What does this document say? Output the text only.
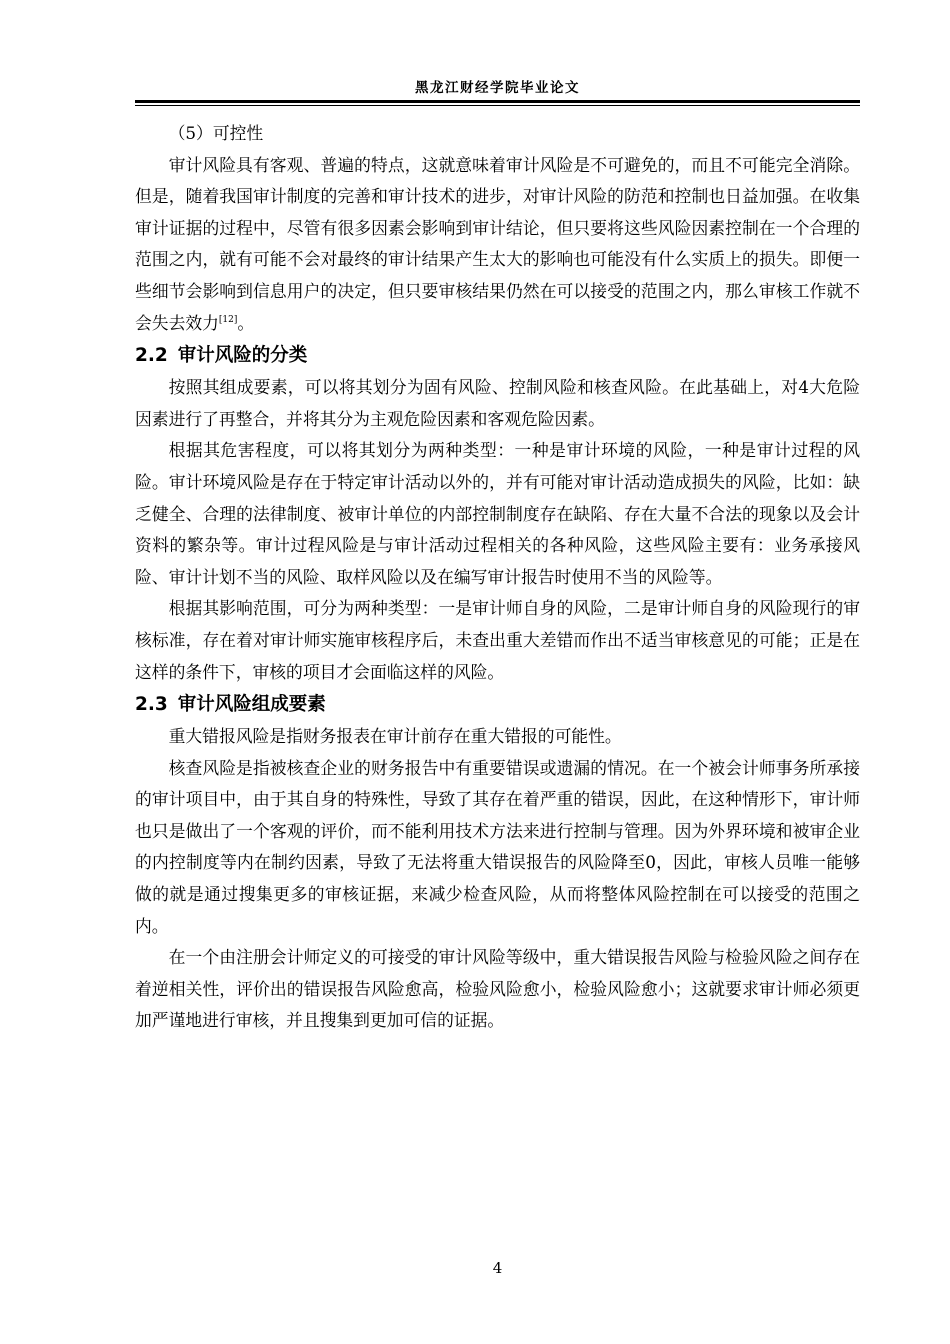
黑龙江财经学院毕业论文

（5）可控性

审计风险具有客观、普遍的特点，这就意味着审计风险是不可避免的，而且不可能完全消除。但是，随着我国审计制度的完善和审计技术的进步，对审计风险的防范和控制也日益加强。在收集审计证据的过程中，尽管有很多因素会影响到审计结论，但只要将这些风险因素控制在一个合理的范围之内，就有可能不会对最终的审计结果产生太大的影响也可能没有什么实质上的损失。即便一些细节会影响到信息用户的决定，但只要审核结果仍然在可以接受的范围之内，那么审核工作就不会失去效力[12]。

2.2 审计风险的分类

按照其组成要素，可以将其划分为固有风险、控制风险和核查风险。在此基础上，对4大危险因素进行了再整合，并将其分为主观危险因素和客观危险因素。

根据其危害程度，可以将其划分为两种类型：一种是审计环境的风险，一种是审计过程的风险。审计环境风险是存在于特定审计活动以外的，并有可能对审计活动造成损失的风险，比如：缺乏健全、合理的法律制度、被审计单位的内部控制制度存在缺陷、存在大量不合法的现象以及会计资料的繁杂等。审计过程风险是与审计活动过程相关的各种风险，这些风险主要有：业务承接风险、审计计划不当的风险、取样风险以及在编写审计报告时使用不当的风险等。

根据其影响范围，可分为两种类型：一是审计师自身的风险，二是审计师自身的风险现行的审核标准，存在着对审计师实施审核程序后，未查出重大差错而作出不适当审核意见的可能；正是在这样的条件下，审核的项目才会面临这样的风险。

2.3 审计风险组成要素

重大错报风险是指财务报表在审计前存在重大错报的可能性。

核查风险是指被核查企业的财务报告中有重要错误或遗漏的情况。在一个被会计师事务所承接的审计项目中，由于其自身的特殊性，导致了其存在着严重的错误，因此，在这种情形下，审计师也只是做出了一个客观的评价，而不能利用技术方法来进行控制与管理。因为外界环境和被审企业的内控制度等内在制约因素，导致了无法将重大错误报告的风险降至0，因此，审核人员唯一能够做的就是通过搜集更多的审核证据，来减少检查风险，从而将整体风险控制在可以接受的范围之内。

在一个由注册会计师定义的可接受的审计风险等级中，重大错误报告风险与检验风险之间存在着逆相关性，评价出的错误报告风险愈高，检验风险愈小，检验风险愈小；这就要求审计师必须更加严谨地进行审核，并且搜集到更加可信的证据。

4
